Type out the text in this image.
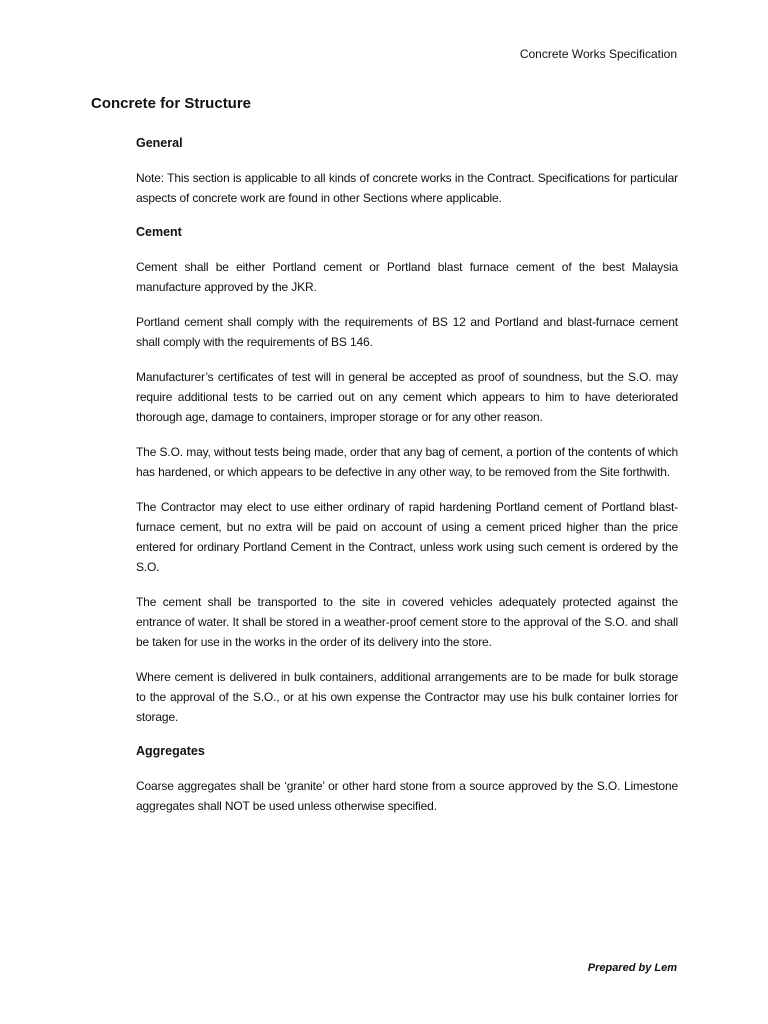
Concrete Works Specification
Concrete for Structure
General

Note: This section is applicable to all kinds of concrete works in the Contract. Specifications for particular aspects of concrete work are found in other Sections where applicable.

Cement

Cement shall be either Portland cement or Portland blast furnace cement of the best Malaysia manufacture approved by the JKR.

Portland cement shall comply with the requirements of BS 12 and Portland and blast-furnace cement shall comply with the requirements of BS 146.

Manufacturer’s certificates of test will in general be accepted as proof of soundness, but the S.O. may require additional tests to be carried out on any cement which appears to him to have deteriorated thorough age, damage to containers, improper storage or for any other reason.

The S.O. may, without tests being made, order that any bag of cement, a portion of the contents of which has hardened, or which appears to be defective in any other way, to be removed from the Site forthwith.

The Contractor may elect to use either ordinary of rapid hardening Portland cement of Portland blast-furnace cement, but no extra will be paid on account of using a cement priced higher than the price entered for ordinary Portland Cement in the Contract, unless work using such cement is ordered by the S.O.

The cement shall be transported to the site in covered vehicles adequately protected against the entrance of water. It shall be stored in a weather-proof cement store to the approval of the S.O. and shall be taken for use in the works in the order of its delivery into the store.

Where cement is delivered in bulk containers, additional arrangements are to be made for bulk storage to the approval of the S.O., or at his own expense the Contractor may use his bulk container lorries for storage.

Aggregates

Coarse aggregates shall be ‘granite’ or other hard stone from a source approved by the S.O. Limestone aggregates shall NOT be used unless otherwise specified.

Prepared by Lem
